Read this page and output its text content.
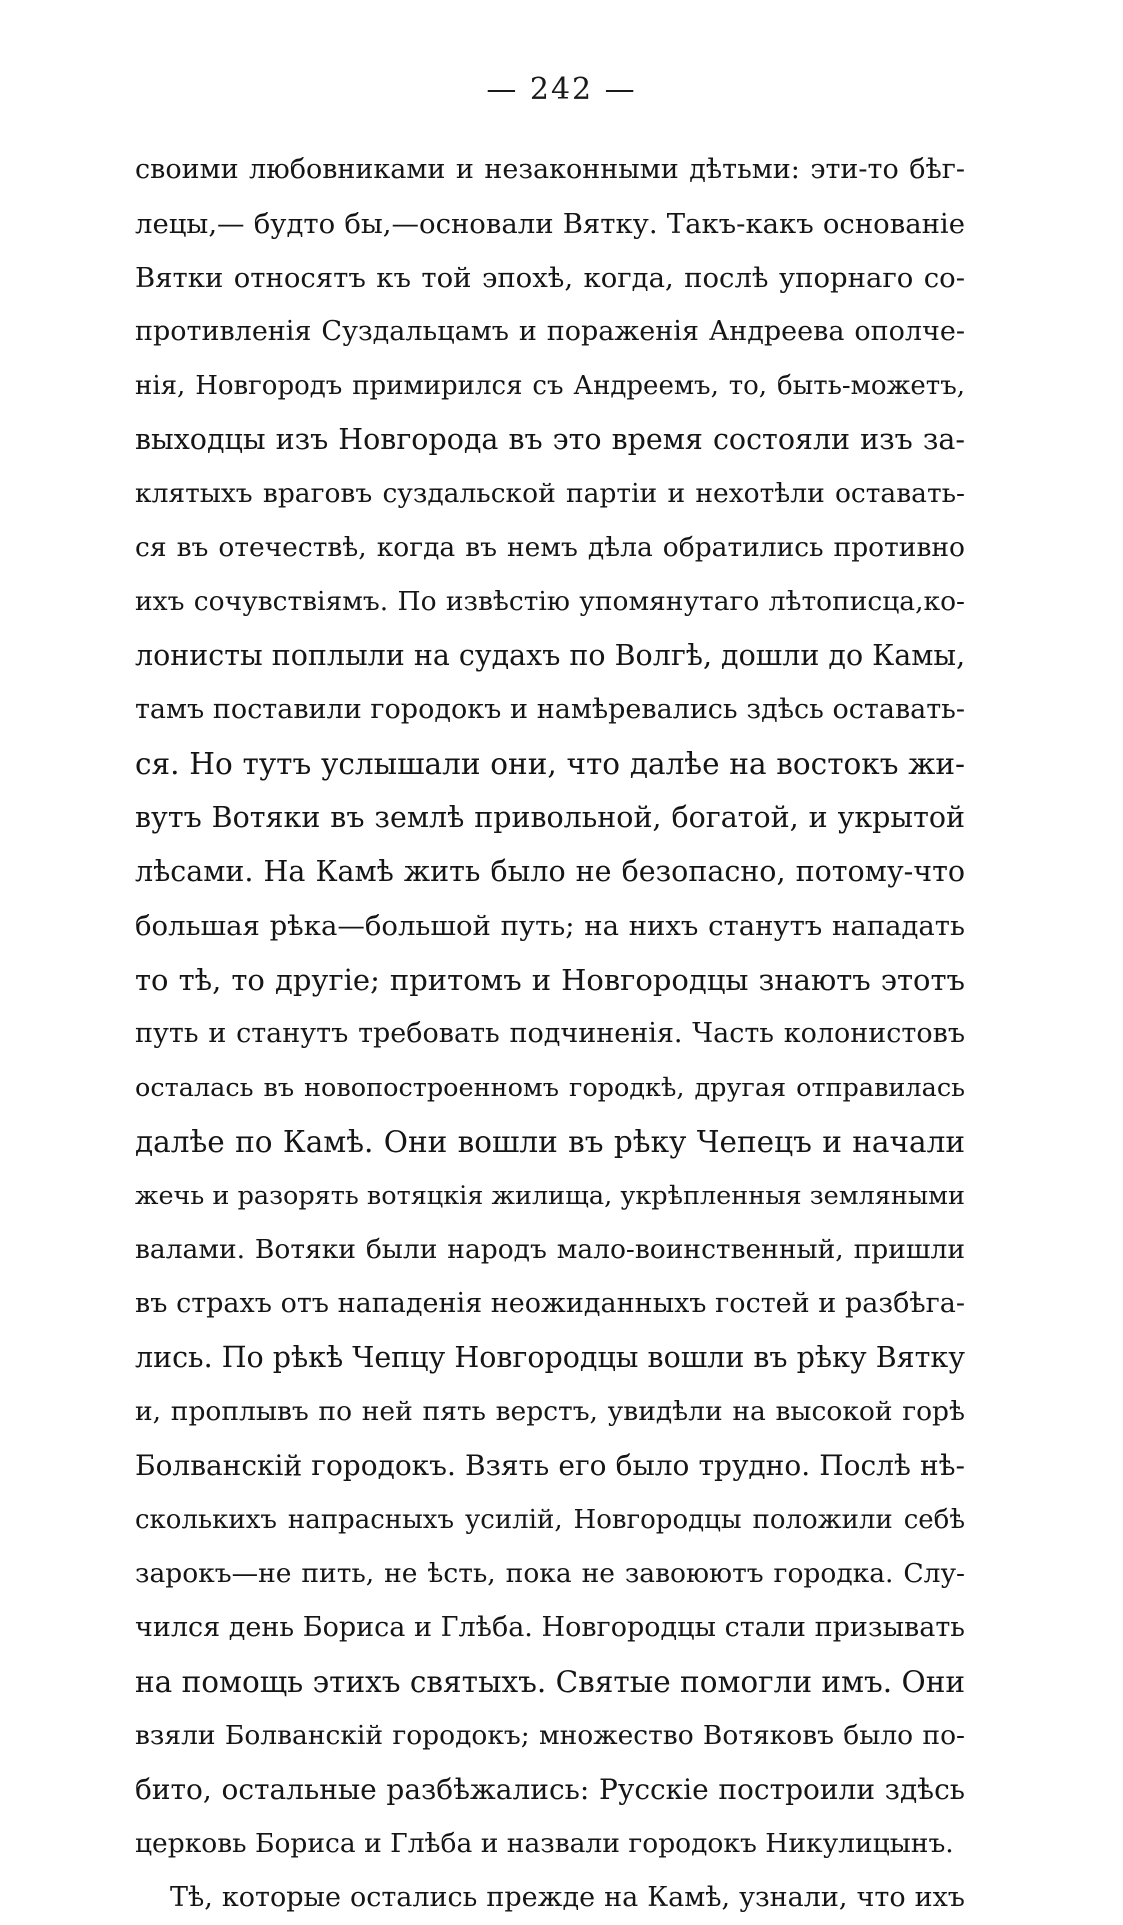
— 242 —
своими любовниками и незаконными дѣтьми: эти-то бѣг-
лецы,— будто бы,—основали Вятку. Такъ-какъ основаніе
Вятки относятъ къ той эпохѣ, когда, послѣ упорнаго со-
противленія Суздальцамъ и пораженія Андреева ополче-
нія, Новгородъ примирился съ Андреемъ, то, быть-можетъ,
выходцы изъ Новгорода въ это время состояли изъ за-
клятыхъ враговъ суздальской партіи и нехотѣли оставать-
ся въ отечествѣ, когда въ немъ дѣла обратились противно
ихъ сочувствіямъ. По извѣстію упомянутаго лѣтописца,ко-
лонисты поплыли на судахъ по Волгѣ, дошли до Камы,
тамъ поставили городокъ и намѣревались здѣсь оставать-
ся. Но тутъ услышали они, что далѣе на востокъ жи-
вутъ Вотяки въ землѣ привольной, богатой, и укрытой
лѣсами. На Камѣ жить было не безопасно, потому-что
большая рѣка—большой путь; на нихъ станутъ нападать
то тѣ, то другіе; притомъ и Новгородцы знаютъ этотъ
путь и станутъ требовать подчиненія. Часть колонистовъ
осталась въ новопостроенномъ городкѣ, другая отправилась
далѣе по Камѣ. Они вошли въ рѣку Чепецъ и начали
жечь и разорять вотяцкія жилища, укрѣпленныя земляными
валами. Вотяки были народъ мало-воинственный, пришли
въ страхъ отъ нападенія неожиданныхъ гостей и разбѣга-
лись. По рѣкѣ Чепцу Новгородцы вошли въ рѣку Вятку
и, проплывъ по ней пять верстъ, увидѣли на высокой горѣ
Болванскій городокъ. Взять его было трудно. Послѣ нѣ-
сколькихъ напрасныхъ усилій, Новгородцы положили себѣ
зарокъ—не пить, не ѣсть, пока не завоюютъ городка. Слу-
чился день Бориса и Глѣба. Новгородцы стали призывать
на помощь этихъ святыхъ. Святые помогли имъ. Они
взяли Болванскій городокъ; множество Вотяковъ было по-
бито, остальные разбѣжались: Русскіе построили здѣсь
церковь Бориса и Глѣба и назвали городокъ Никулицынъ.
Тѣ, которые остались прежде на Камѣ, узнали, что ихъ
